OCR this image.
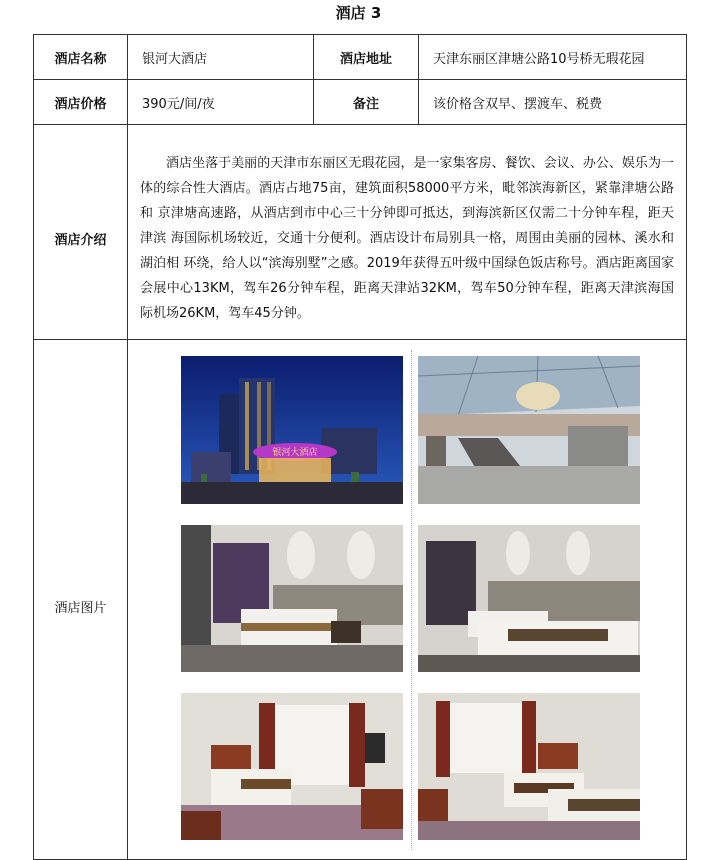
酒店 3
酒店名称	银河大酒店	酒店地址	天津东丽区津塘公路10号桥无瑕花园
酒店价格	390元/间/夜	备注	该价格含双早、摆渡车、税费
酒店介绍	酒店坐落于美丽的天津市东丽区无瑕花园，是一家集客房、餐饮、会议、办公、娱乐为一 体的综合性大酒店。酒店占地75亩，建筑面积58000平方米，毗邻滨海新区，紧靠津塘公路和 京津塘高速路，从酒店到市中心三十分钟即可抵达，到海滨新区仅需二十分钟车程，距天津滨 海国际机场较近，交通十分便利。酒店设计布局别具一格，周围由美丽的园林、溪水和湖泊相 环绕，给人以“滨海别墅”之感。2019年获得五叶级中国绿色饭店称号。酒店距离国家会展中心13KM，驾车26分钟车程，距离天津站32KM，驾车50分钟车程，距离天津滨海国际机场26KM，驾车45分钟。		
酒店图片	银河大酒店		
